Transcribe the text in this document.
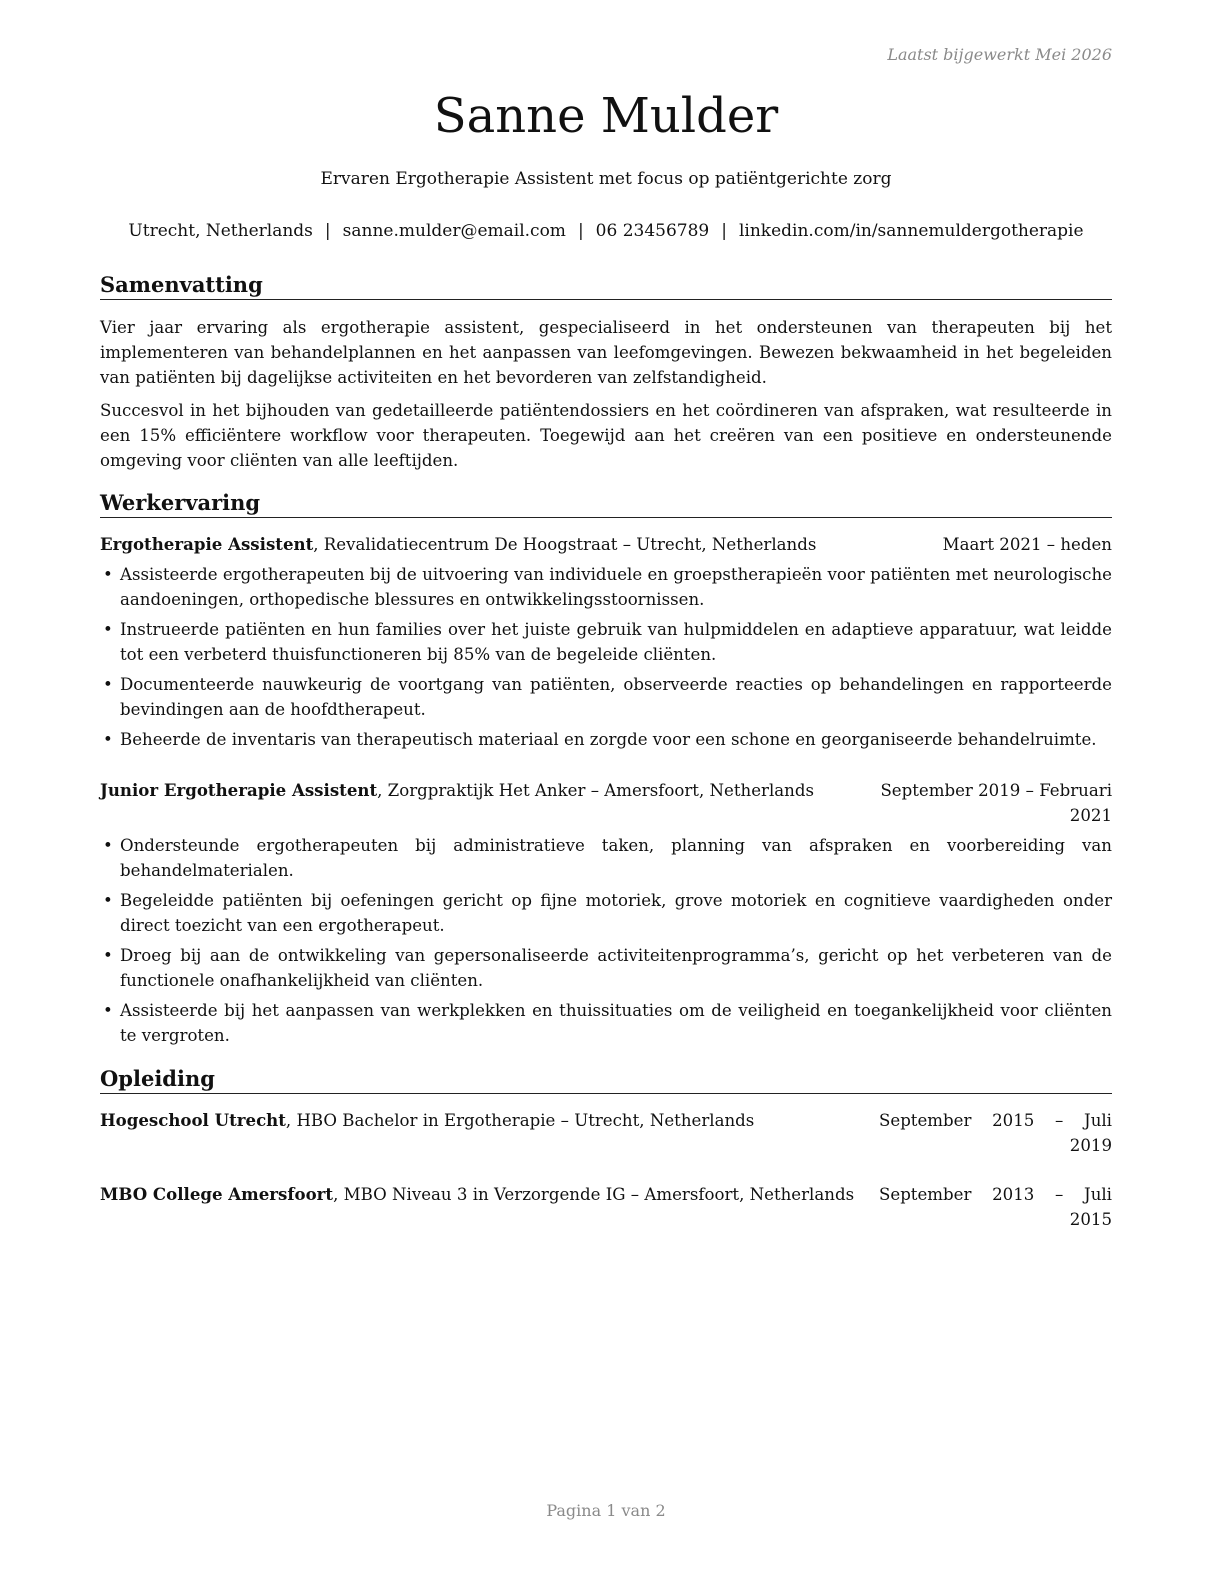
Laatst bijgewerkt Mei 2026
Sanne Mulder
Ervaren Ergotherapie Assistent met focus op patiëntgerichte zorg
Utrecht, Netherlands | sanne.mulder@email.com | 06 23456789 | linkedin.com/in/sannemuldergotherapie
Samenvatting

Vier jaar ervaring als ergotherapie assistent, gespecialiseerd in het ondersteunen van therapeuten bij het implementeren van behandelplannen en het aanpassen van leefomgevingen. Bewezen bekwaamheid in het begeleiden van patiënten bij dagelijkse activiteiten en het bevorderen van zelfstandigheid.

Succesvol in het bijhouden van gedetailleerde patiëntendossiers en het coördineren van afspraken, wat resulteerde in een 15% efficiëntere workflow voor therapeuten. Toegewijd aan het creëren van een positieve en ondersteunende omgeving voor cliënten van alle leeftijden.

Werkervaring
Ergotherapie Assistent, Revalidatiecentrum De Hoogstraat – Utrecht, Netherlands	Maart 2021 – heden
• Assisteerde ergotherapeuten bij de uitvoering van individuele en groepstherapieën voor patiënten met neurologische aandoeningen, orthopedische blessures en ontwikkelingsstoornissen.
• Instrueerde patiënten en hun families over het juiste gebruik van hulpmiddelen en adaptieve apparatuur, wat leidde tot een verbeterd thuisfunctioneren bij 85% van de begeleide cliënten.
• Documenteerde nauwkeurig de voortgang van patiënten, observeerde reacties op behandelingen en rapporteerde bevindingen aan de hoofdtherapeut.
• Beheerde de inventaris van therapeutisch materiaal en zorgde voor een schone en georganiseerde behandelruimte.
Junior Ergotherapie Assistent, Zorgpraktijk Het Anker – Amersfoort, Netherlands	September 2019 – Februari 2021
• Ondersteunde ergotherapeuten bij administratieve taken, planning van afspraken en voorbereiding van behandelmaterialen.
• Begeleidde patiënten bij oefeningen gericht op fijne motoriek, grove motoriek en cognitieve vaardigheden onder direct toezicht van een ergotherapeut.
• Droeg bij aan de ontwikkeling van gepersonaliseerde activiteitenprogramma’s, gericht op het verbeteren van de functionele onafhankelijkheid van cliënten.
• Assisteerde bij het aanpassen van werkplekken en thuissituaties om de veiligheid en toegankelijkheid voor cliënten te vergroten.
Opleiding
Hogeschool Utrecht, HBO Bachelor in Ergotherapie – Utrecht, Netherlands	September 2015 – Juli 2019
MBO College Amersfoort, MBO Niveau 3 in Verzorgende IG – Amersfoort, Netherlands	September 2013 – Juli 2015
Pagina 1 van 2
